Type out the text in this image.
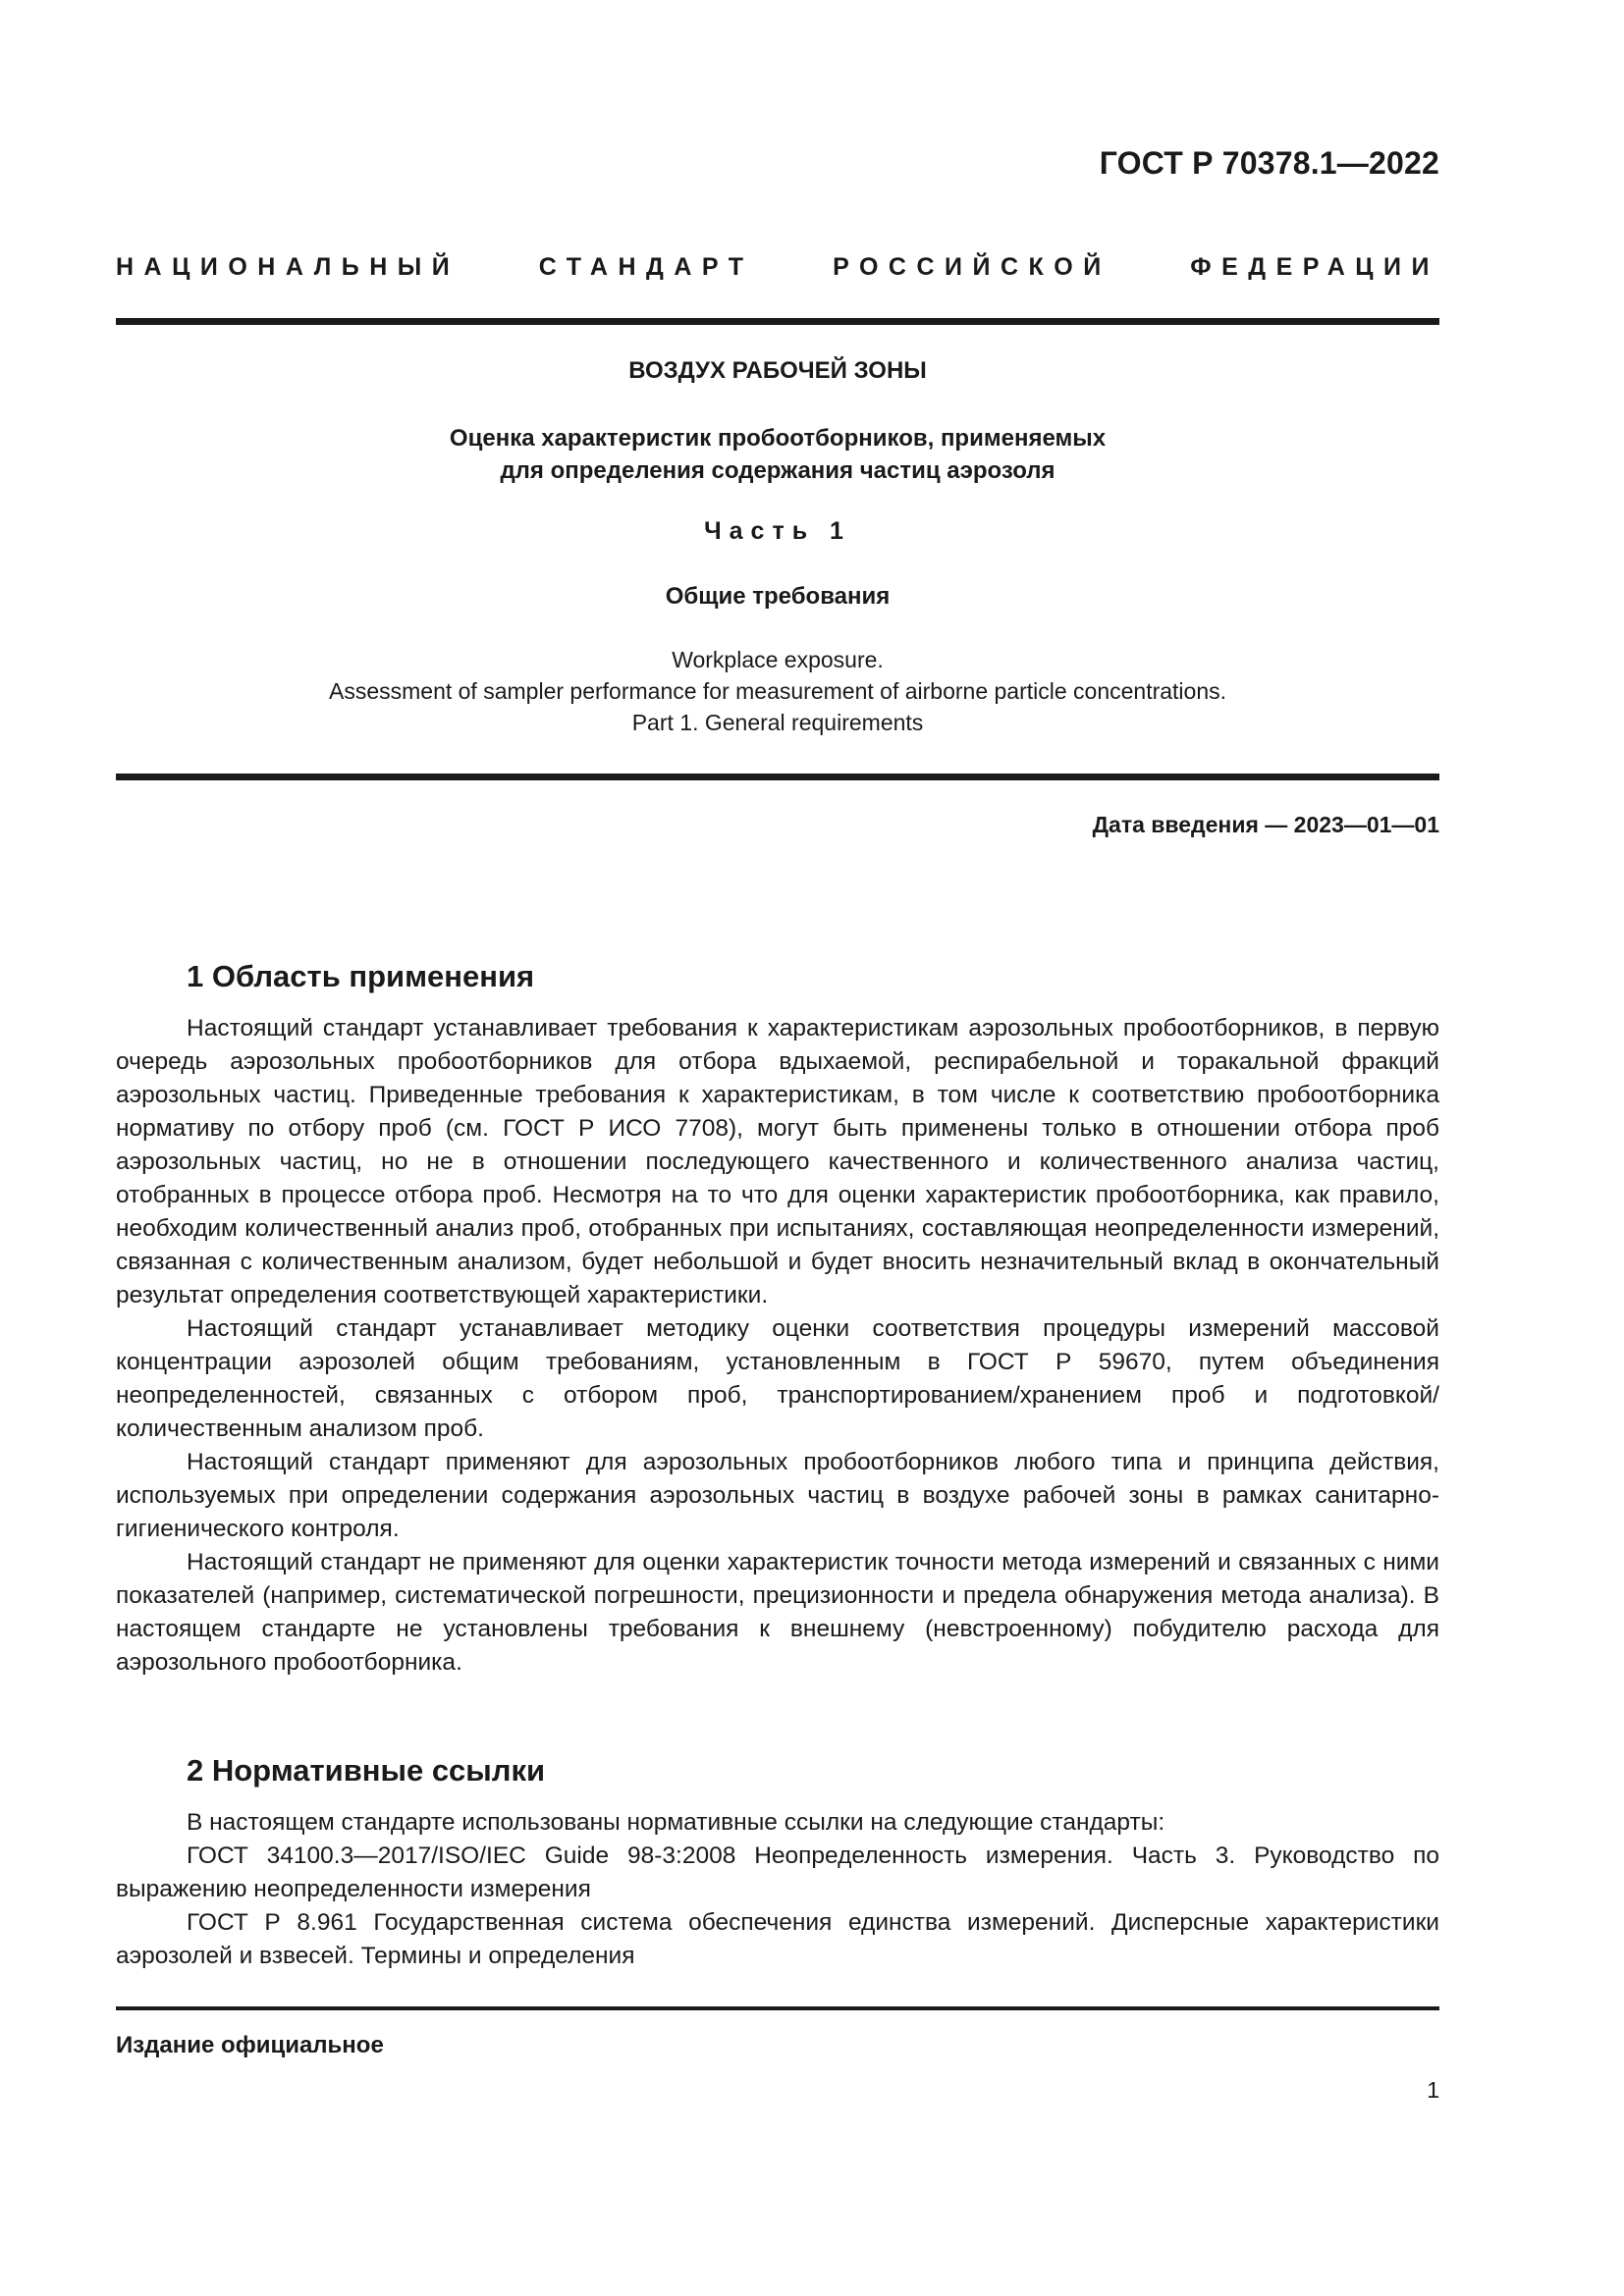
ГОСТ Р 70378.1—2022
НАЦИОНАЛЬНЫЙ СТАНДАРТ РОССИЙСКОЙ ФЕДЕРАЦИИ
ВОЗДУХ РАБОЧЕЙ ЗОНЫ
Оценка характеристик пробоотборников, применяемых
для определения содержания частиц аэрозоля
Часть 1
Общие требования
Workplace exposure.
Assessment of sampler performance for measurement of airborne particle concentrations.
Part 1. General requirements
Дата введения — 2023—01—01
1 Область применения

Настоящий стандарт устанавливает требования к характеристикам аэрозольных пробоотборников, в первую очередь аэрозольных пробоотборников для отбора вдыхаемой, респирабельной и торакальной фракций аэрозольных частиц. Приведенные требования к характеристикам, в том числе к соответствию пробоотборника нормативу по отбору проб (см. ГОСТ Р ИСО 7708), могут быть применены только в отношении отбора проб аэрозольных частиц, но не в отношении последующего качественного и количественного анализа частиц, отобранных в процессе отбора проб. Несмотря на то что для оценки характеристик пробоотборника, как правило, необходим количественный анализ проб, отобранных при испытаниях, составляющая неопределенности измерений, связанная с количественным анализом, будет небольшой и будет вносить незначительный вклад в окончательный результат определения соответствующей характеристики.

Настоящий стандарт устанавливает методику оценки соответствия процедуры измерений массовой концентрации аэрозолей общим требованиям, установленным в ГОСТ Р 59670, путем объединения неопределенностей, связанных с отбором проб, транспортированием/хранением проб и подготовкой/ количественным анализом проб.

Настоящий стандарт применяют для аэрозольных пробоотборников любого типа и принципа действия, используемых при определении содержания аэрозольных частиц в воздухе рабочей зоны в рамках санитарно-гигиенического контроля.

Настоящий стандарт не применяют для оценки характеристик точности метода измерений и связанных с ними показателей (например, систематической погрешности, прецизионности и предела обнаружения метода анализа). В настоящем стандарте не установлены требования к внешнему (невстроенному) побудителю расхода для аэрозольного пробоотборника.

2 Нормативные ссылки

В настоящем стандарте использованы нормативные ссылки на следующие стандарты:

ГОСТ 34100.3—2017/ISO/IEC Guide 98-3:2008 Неопределенность измерения. Часть 3. Руководство по выражению неопределенности измерения

ГОСТ Р 8.961 Государственная система обеспечения единства измерений. Дисперсные характеристики аэрозолей и взвесей. Термины и определения

Издание официальное
1
